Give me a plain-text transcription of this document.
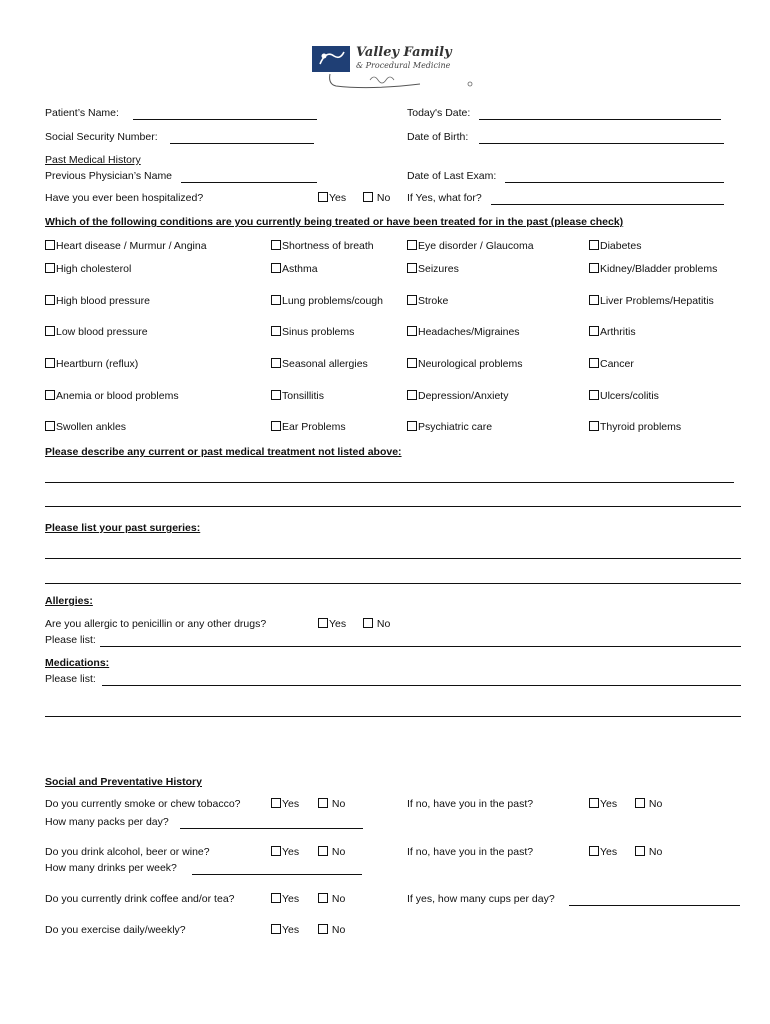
Valley Family
& Procedural Medicine
Patient’s Name:	Today's Date:
Social Security Number:	Date of Birth:
Past Medical History
Previous Physician’s Name	Date of Last Exam:
Have you ever been hospitalized?	Yes	No If Yes, what for?
Which of the following conditions are you currently being treated or have been treated for in the past (please check)
Heart disease / Murmur / Angina	Shortness of breath	Eye disorder / Glaucoma	Diabetes
High cholesterol	Asthma	Seizures	Kidney/Bladder problems
High blood pressure	Lung problems/cough	Stroke	Liver Problems/Hepatitis
Low blood pressure	Sinus problems	Headaches/Migraines	Arthritis
Heartburn (reflux)	Seasonal allergies	Neurological problems	Cancer
Anemia or blood problems	Tonsillitis	Depression/Anxiety	Ulcers/colitis
Swollen ankles	Ear Problems	Psychiatric care	Thyroid problems
Please describe any current or past medical treatment not listed above:
Please list your past surgeries:
Allergies:
Are you allergic to penicillin or any other drugs?	Yes	No
Please list:
Medications:
Please list:
Social and Preventative History
Do you currently smoke or chew tobacco?	Yes	No	If no, have you in the past?	Yes	No
How many packs per day?
Do you drink alcohol, beer or wine?	Yes	No	If no, have you in the past?	Yes	No
How many drinks per week?
Do you currently drink coffee and/or tea?	Yes	No	If yes, how many cups per day?
Do you exercise daily/weekly?	Yes	No
